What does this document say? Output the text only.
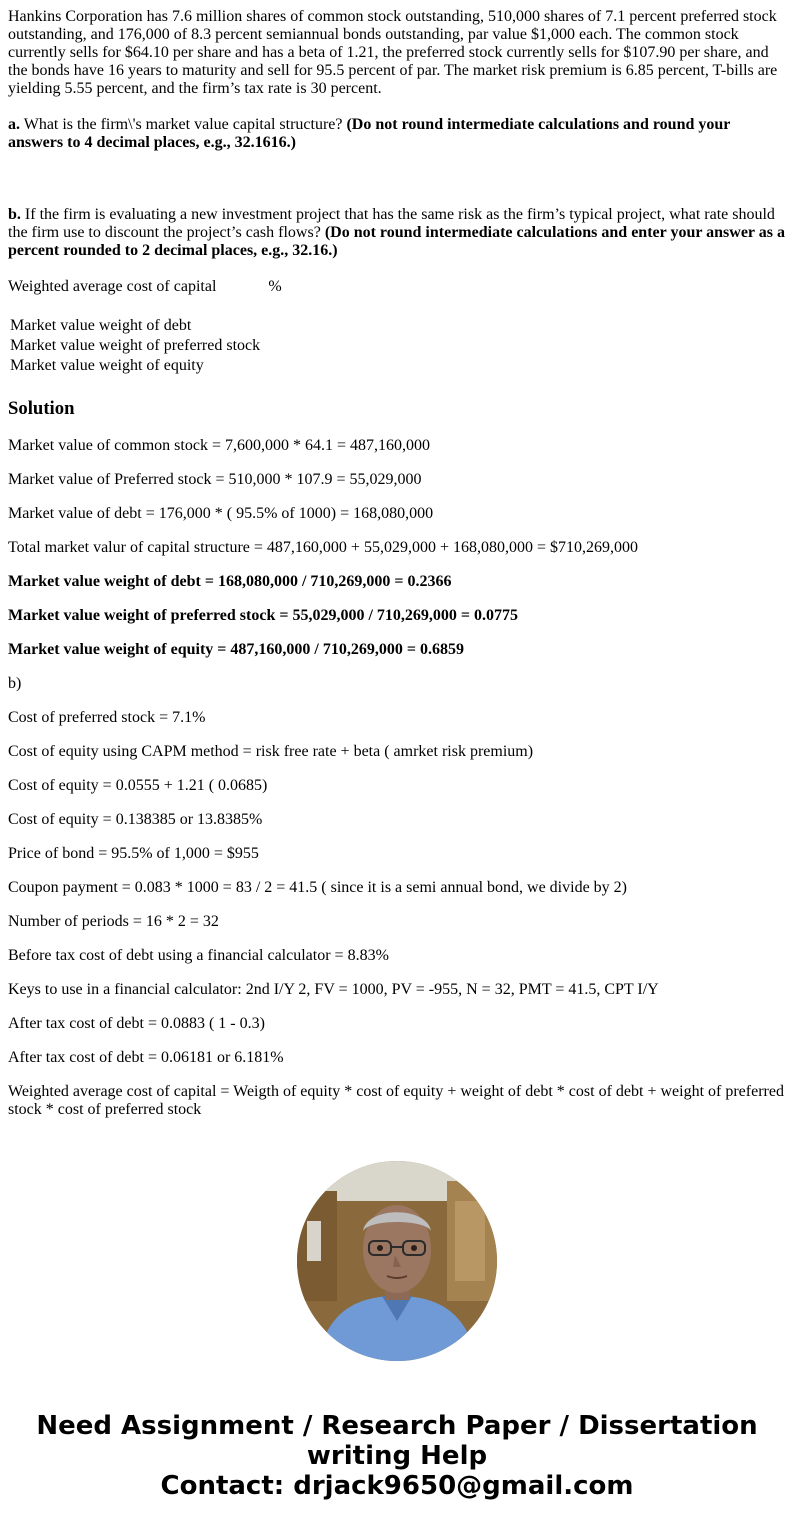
Hankins Corporation has 7.6 million shares of common stock outstanding, 510,000 shares of 7.1 percent preferred stock outstanding, and 176,000 of 8.3 percent semiannual bonds outstanding, par value $1,000 each. The common stock currently sells for $64.10 per share and has a beta of 1.21, the preferred stock currently sells for $107.90 per share, and the bonds have 16 years to maturity and sell for 95.5 percent of par. The market risk premium is 6.85 percent, T-bills are yielding 5.55 percent, and the firm’s tax rate is 30 percent.

a. What is the firm\'s market value capital structure? (Do not round intermediate calculations and round your answers to 4 decimal places, e.g., 32.1616.)

b. If the firm is evaluating a new investment project that has the same risk as the firm’s typical project, what rate should the firm use to discount the project’s cash flows? (Do not round intermediate calculations and enter your answer as a percent rounded to 2 decimal places, e.g., 32.16.)

Weighted average cost of capital	%
Market value weight of debt
Market value weight of preferred stock
Market value weight of equity
Solution

Market value of common stock = 7,600,000 * 64.1 = 487,160,000

Market value of Preferred stock = 510,000 * 107.9 = 55,029,000

Market value of debt = 176,000 * ( 95.5% of 1000) = 168,080,000

Total market valur of capital structure = 487,160,000 + 55,029,000 + 168,080,000 = $710,269,000

Market value weight of debt = 168,080,000 / 710,269,000 = 0.2366

Market value weight of preferred stock = 55,029,000 / 710,269,000 = 0.0775

Market value weight of equity = 487,160,000 / 710,269,000 = 0.6859

b)

Cost of preferred stock = 7.1%

Cost of equity using CAPM method = risk free rate + beta ( amrket risk premium)

Cost of equity = 0.0555 + 1.21 ( 0.0685)

Cost of equity = 0.138385 or 13.8385%

Price of bond = 95.5% of 1,000 = $955

Coupon payment = 0.083 * 1000 = 83 / 2 = 41.5 ( since it is a semi annual bond, we divide by 2)

Number of periods = 16 * 2 = 32

Before tax cost of debt using a financial calculator = 8.83%

Keys to use in a financial calculator: 2nd I/Y 2, FV = 1000, PV = -955, N = 32, PMT = 41.5, CPT I/Y

After tax cost of debt = 0.0883 ( 1 - 0.3)

After tax cost of debt = 0.06181 or 6.181%

Weighted average cost of capital = Weigth of equity * cost of equity + weight of debt * cost of debt + weight of preferred stock * cost of preferred stock

Need Assignment / Research Paper / Dissertation
writing Help
Contact: drjack9650@gmail.com
